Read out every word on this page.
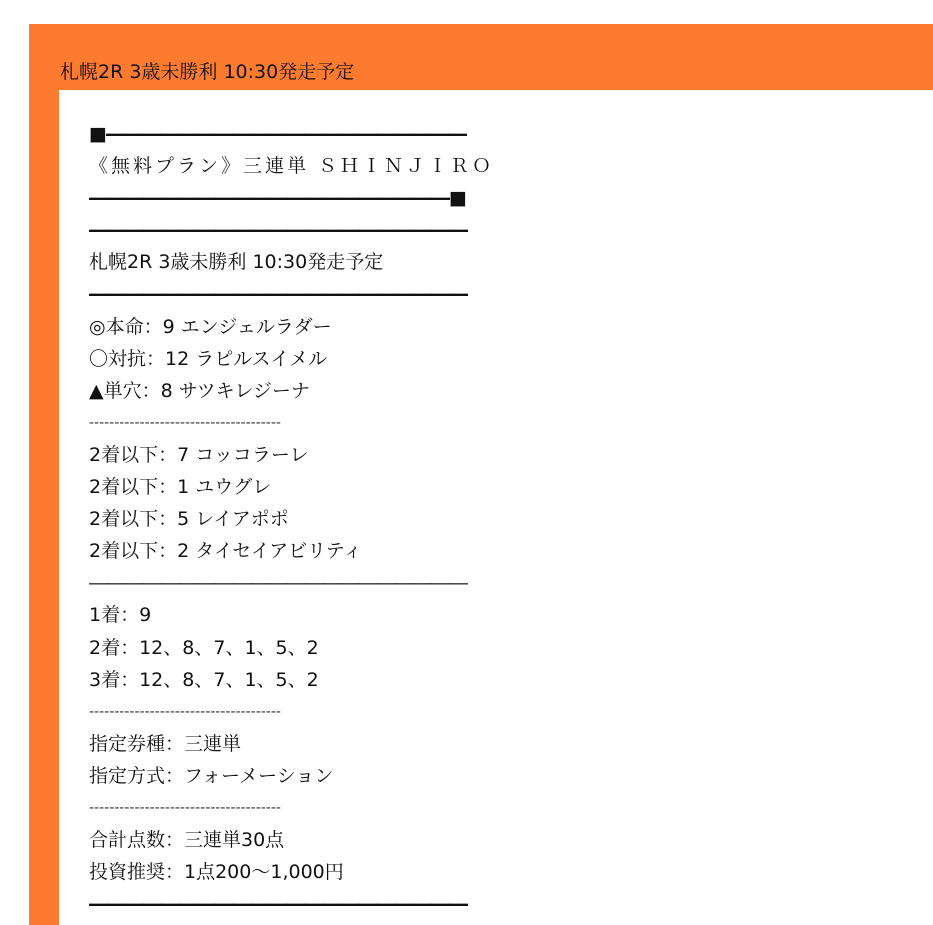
札幌2R 3歳未勝利 10:30発走予定
■――――――――――――――――――――
《無料プラン》三連単 ＳＨＩＮＪＩＲＯ
――――――――――――――――――――■
―――――――――――――――――――――
札幌2R 3歳未勝利 10:30発走予定
―――――――――――――――――――――
◎本命：9 エンジェルラダー
〇対抗：12 ラピルスイメル
▲単穴：8 サツキレジーナ
--------------------------------------
2着以下：7 コッコラーレ
2着以下：1 ユウグレ
2着以下：5 レイアポポ
2着以下：2 タイセイアビリティ
―――――――――――――――――――――
1着：9
2着：12、8、7、1、5、2
3着：12、8、7、1、5、2
--------------------------------------
指定券種：三連単
指定方式：フォーメーション
--------------------------------------
合計点数：三連単30点
投資推奨：1点200～1,000円
―――――――――――――――――――――
